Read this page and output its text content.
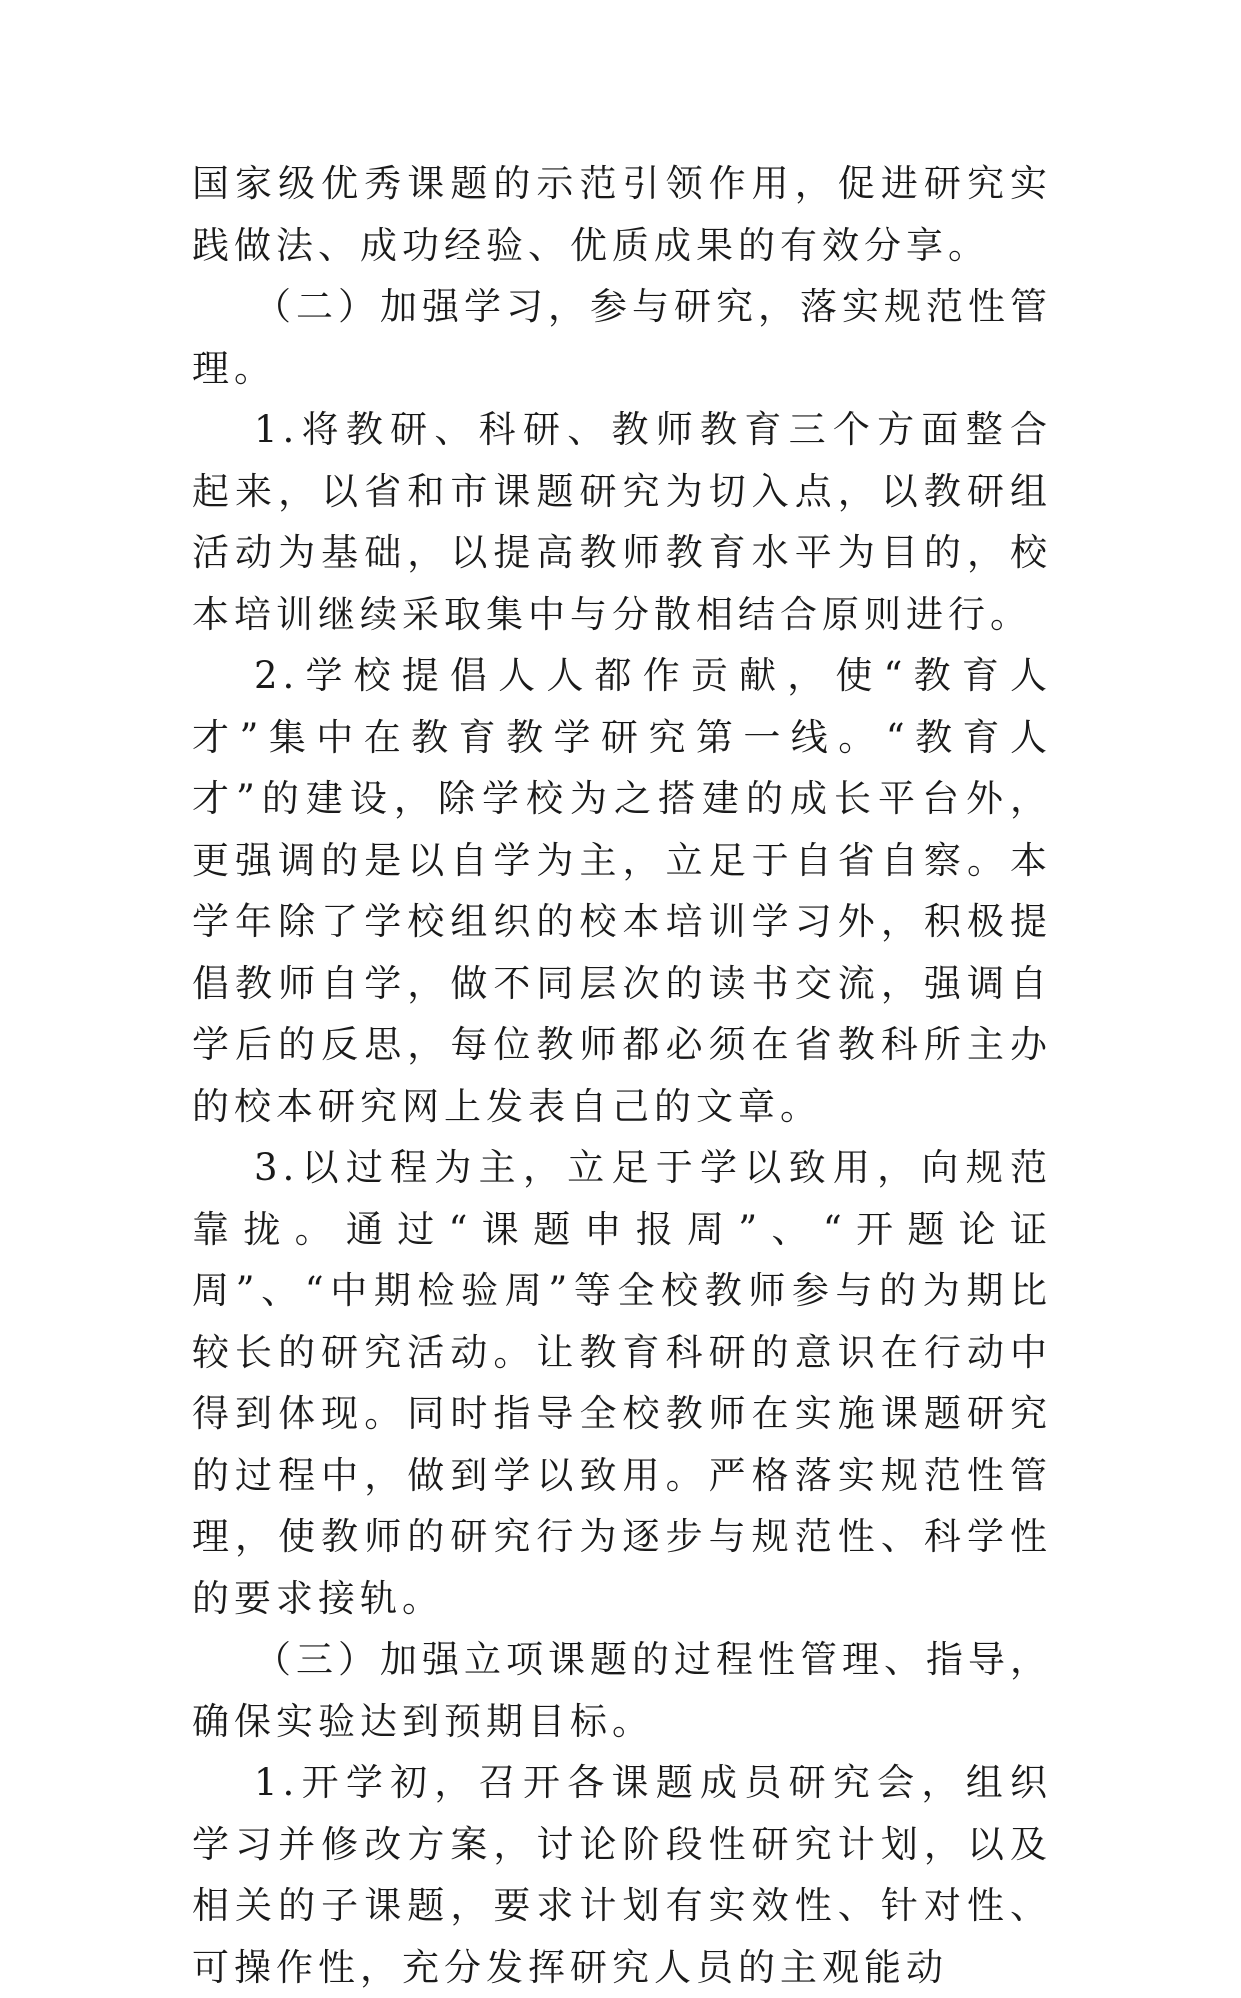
国家级优秀课题的示范引领作用，促进研究实践做法、成功经验、优质成果的有效分享。

（二）加强学习，参与研究，落实规范性管理。

1.将教研、科研、教师教育三个方面整合起来，以省和市课题研究为切入点，以教研组活动为基础，以提高教师教育水平为目的，校本培训继续采取集中与分散相结合原则进行。

2.学校提倡人人都作贡献，使“教育人才”集中在教育教学研究第一线。“教育人才”的建设，除学校为之搭建的成长平台外，更强调的是以自学为主，立足于自省自察。本学年除了学校组织的校本培训学习外，积极提倡教师自学，做不同层次的读书交流，强调自学后的反思，每位教师都必须在省教科所主办的校本研究网上发表自己的文章。

3.以过程为主，立足于学以致用，向规范靠拢。通过“课题申报周”、“开题论证周”、“中期检验周”等全校教师参与的为期比较长的研究活动。让教育科研的意识在行动中得到体现。同时指导全校教师在实施课题研究的过程中，做到学以致用。严格落实规范性管理，使教师的研究行为逐步与规范性、科学性的要求接轨。

（三）加强立项课题的过程性管理、指导，确保实验达到预期目标。

1.开学初，召开各课题成员研究会，组织学习并修改方案，讨论阶段性研究计划，以及相关的子课题，要求计划有实效性、针对性、可操作性，充分发挥研究人员的主观能动
